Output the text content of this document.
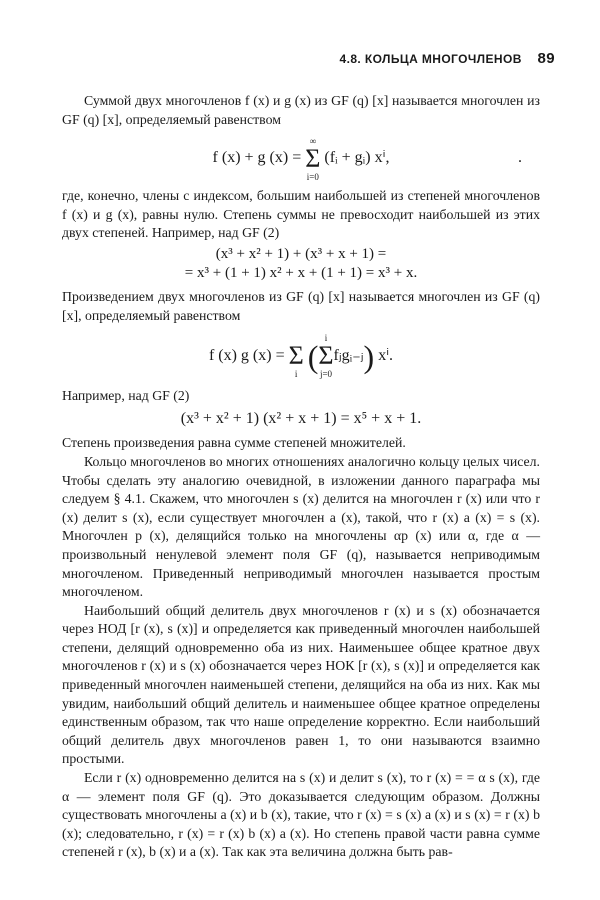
4.8. КОЛЬЦА МНОГОЧЛЕНОВ 89

Суммой двух многочленов f (x) и g (x) из GF (q) [x] называется многочлен из GF (q) [x], определяемый равенством

f (x) + g (x) =
∞
Σ
i=0
(fᵢ + gᵢ) xⁱ,	.

где, конечно, члены с индексом, большим наибольшей из степеней многочленов f (x) и g (x), равны нулю. Степень суммы не превосходит наибольшей из этих двух степеней. Например, над GF (2)

(x³ + x² + 1) + (x³ + x + 1) =
= x³ + (1 + 1) x² + x + (1 + 1) = x³ + x.

Произведением двух многочленов из GF (q) [x] называется многочлен из GF (q) [x], определяемый равенством

f (x) g (x) =
Σ
i ( i
Σ
j=0
fⱼgᵢ₋ⱼ) xⁱ.

Например, над GF (2)

(x³ + x² + 1) (x² + x + 1) = x⁵ + x + 1.

Степень произведения равна сумме степеней множителей.

Кольцо многочленов во многих отношениях аналогично кольцу целых чисел. Чтобы сделать эту аналогию очевидной, в изложении данного параграфа мы следуем § 4.1. Скажем, что многочлен s (x) делится на многочлен r (x) или что r (x) делит s (x), если существует многочлен a (x), такой, что r (x) a (x) = s (x). Многочлен p (x), делящийся только на многочлены αp (x) или α, где α — произвольный ненулевой элемент поля GF (q), называется неприводимым многочленом. Приведенный неприводимый многочлен называется простым многочленом.

Наибольший общий делитель двух многочленов r (x) и s (x) обозначается через НОД [r (x), s (x)] и определяется как приведенный многочлен наибольшей степени, делящий одновременно оба из них. Наименьшее общее кратное двух многочленов r (x) и s (x) обозначается через НОК [r (x), s (x)] и определяется как приведенный многочлен наименьшей степени, делящийся на оба из них. Как мы увидим, наибольший общий делитель и наименьшее общее кратное определены единственным образом, так что наше определение корректно. Если наибольший общий делитель двух многочленов равен 1, то они называются взаимно простыми.

Если r (x) одновременно делится на s (x) и делит s (x), то r (x) = = α s (x), где α — элемент поля GF (q). Это доказывается следующим образом. Должны существовать многочлены a (x) и b (x), такие, что r (x) = s (x) a (x) и s (x) = r (x) b (x); следовательно, r (x) = r (x) b (x) a (x). Но степень правой части равна сумме степеней r (x), b (x) и a (x). Так как эта величина должна быть рав-
